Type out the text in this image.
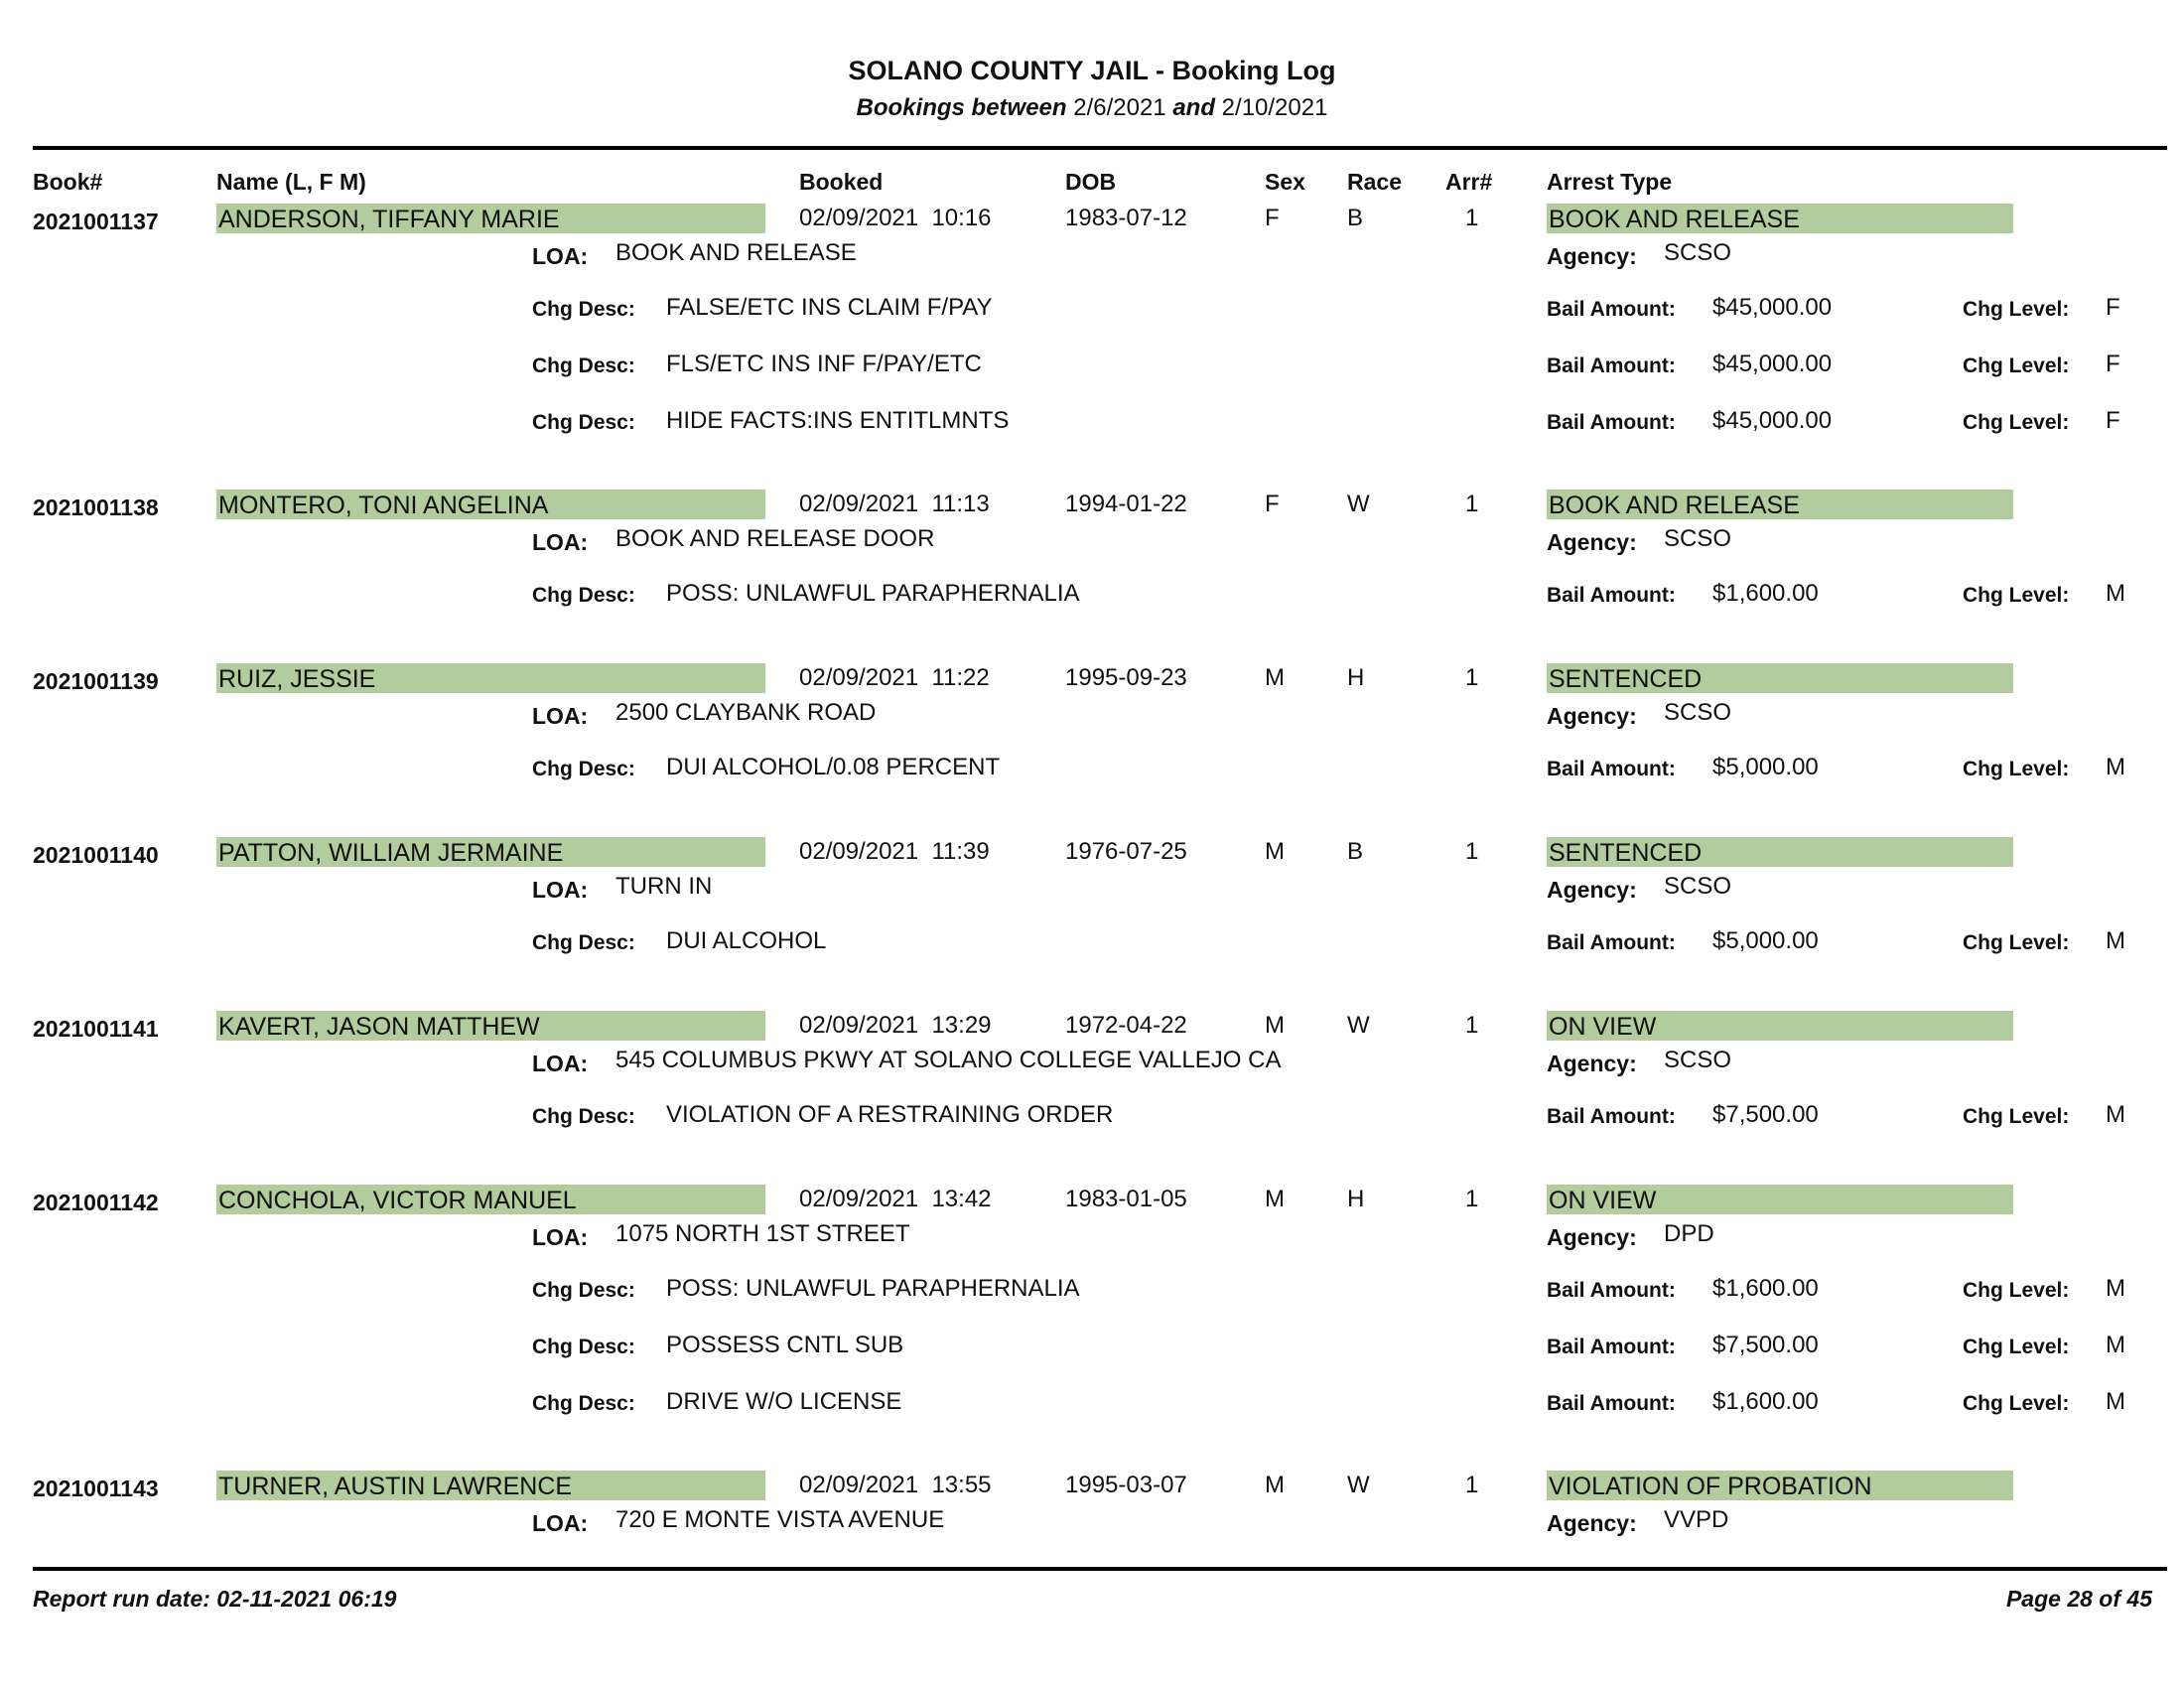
SOLANO COUNTY JAIL - Booking Log
Bookings between 2/6/2021 and 2/10/2021
Book#	Name (L, F M)	Booked	DOB	Sex Race Arr# Arrest Type
2021001137 ANDERSON, TIFFANY MARIE	02/09/2021  10:16	1983-07-12	F	B	1	BOOK AND RELEASE
LOA: BOOK AND RELEASE	Agency: SCSO
Chg Desc: FALSE/ETC INS CLAIM F/PAY	Bail Amount: $45,000.00	Chg Level: F
Chg Desc: FLS/ETC INS INF F/PAY/ETC	Bail Amount: $45,000.00	Chg Level: F
Chg Desc: HIDE FACTS:INS ENTITLMNTS	Bail Amount: $45,000.00	Chg Level: F
2021001138 MONTERO, TONI ANGELINA	02/09/2021  11:13	1994-01-22	F	W	1	BOOK AND RELEASE
LOA: BOOK AND RELEASE DOOR	Agency: SCSO
Chg Desc: POSS: UNLAWFUL PARAPHERNALIA	Bail Amount: $1,600.00	Chg Level: M
2021001139 RUIZ, JESSIE	02/09/2021  11:22	1995-09-23	M	H	1	SENTENCED
LOA: 2500 CLAYBANK ROAD	Agency: SCSO
Chg Desc: DUI ALCOHOL/0.08 PERCENT	Bail Amount: $5,000.00	Chg Level: M
2021001140 PATTON, WILLIAM JERMAINE	02/09/2021  11:39	1976-07-25	M	B	1	SENTENCED
LOA: TURN IN	Agency: SCSO
Chg Desc: DUI ALCOHOL	Bail Amount: $5,000.00	Chg Level: M
2021001141 KAVERT, JASON MATTHEW	02/09/2021  13:29	1972-04-22	M	W	1	ON VIEW
LOA: 545 COLUMBUS PKWY AT SOLANO COLLEGE VALLEJO CA	Agency: SCSO
Chg Desc: VIOLATION OF A RESTRAINING ORDER	Bail Amount: $7,500.00	Chg Level: M
2021001142 CONCHOLA, VICTOR MANUEL	02/09/2021  13:42	1983-01-05	M	H	1	ON VIEW
LOA: 1075 NORTH 1ST STREET	Agency: DPD
Chg Desc: POSS: UNLAWFUL PARAPHERNALIA	Bail Amount: $1,600.00	Chg Level: M
Chg Desc: POSSESS CNTL SUB	Bail Amount: $7,500.00	Chg Level: M
Chg Desc: DRIVE W/O LICENSE	Bail Amount: $1,600.00	Chg Level: M
2021001143 TURNER, AUSTIN LAWRENCE	02/09/2021  13:55	1995-03-07	M	W	1	VIOLATION OF PROBATION
LOA: 720 E MONTE VISTA AVENUE	Agency: VVPD
Report run date: 02-11-2021 06:19	Page 28 of 45
